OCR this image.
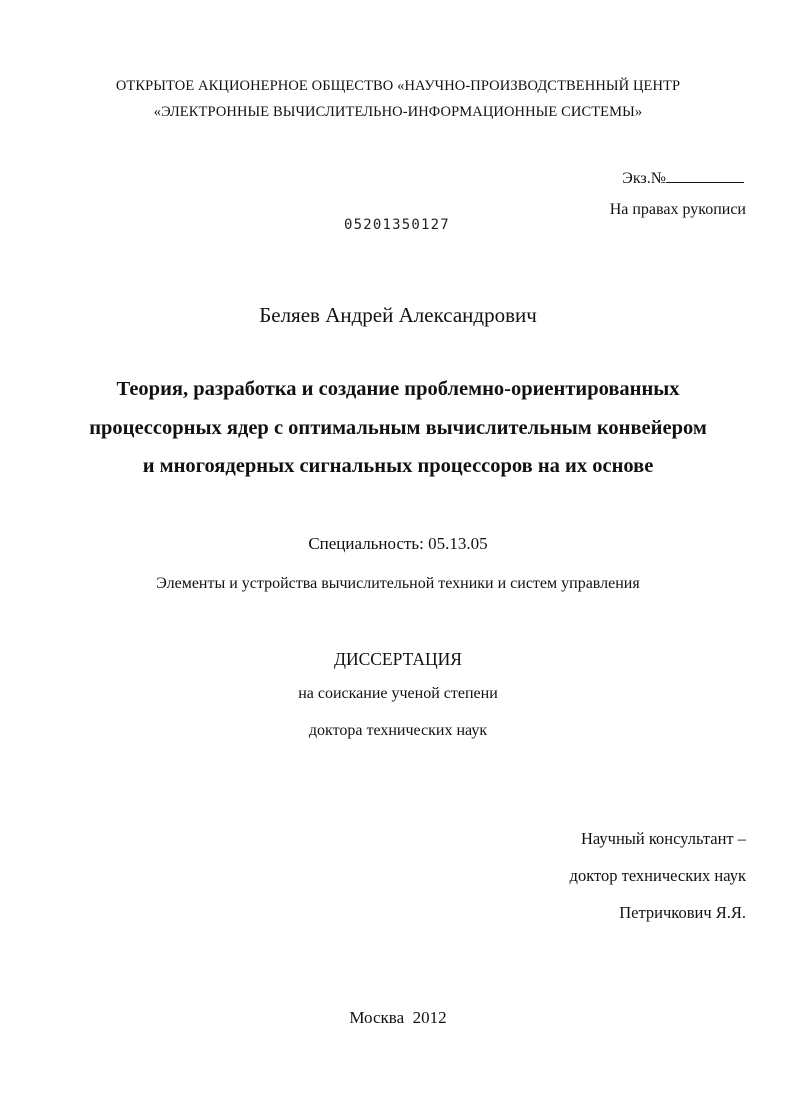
ОТКРЫТОЕ АКЦИОНЕРНОЕ ОБЩЕСТВО «НАУЧНО-ПРОИЗВОДСТВЕННЫЙ ЦЕНТР
«ЭЛЕКТРОННЫЕ ВЫЧИСЛИТЕЛЬНО-ИНФОРМАЦИОННЫЕ СИСТЕМЫ»
Экз.№
На правах рукописи
05201350127
Беляев Андрей Александрович
Теория, разработка и создание проблемно-ориентированных
процессорных ядер с оптимальным вычислительным конвейером
и многоядерных сигнальных процессоров на их основе
Специальность: 05.13.05
Элементы и устройства вычислительной техники и систем управления
ДИССЕРТАЦИЯ
на соискание ученой степени
доктора технических наук
Научный консультант –
доктор технических наук
Петричкович Я.Я.
Москва  2012
